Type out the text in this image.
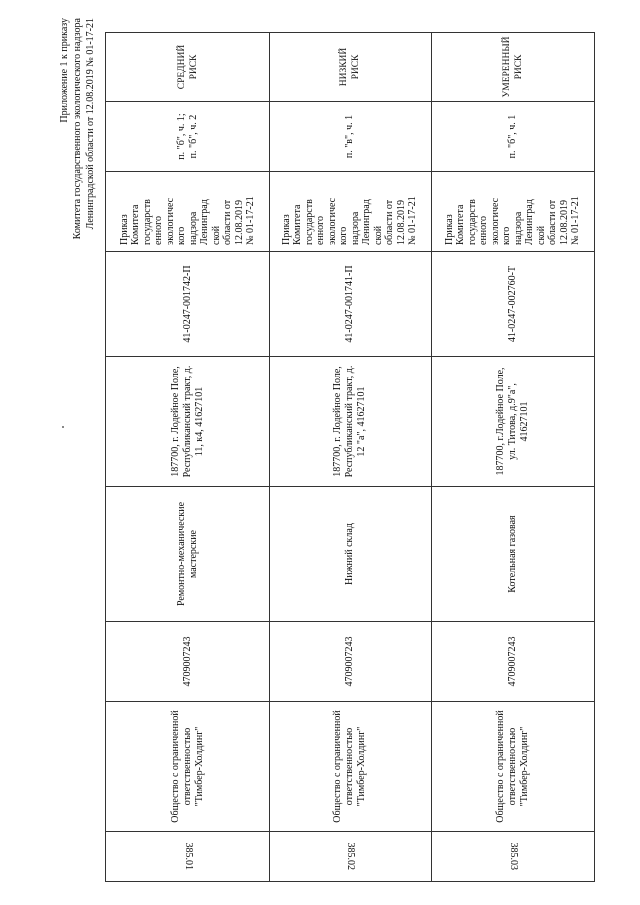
Приложение 1 к приказу Комитета государственного экологического надзора Ленинградской области от 12.08.2019 № 01-17-21
385.01
Общество с ограниченной ответственностью "Тимбер-Холдинг"
4709007243
Ремонтно-механические мастерские
187700, г. Лодейное Поле, Республиканский тракт, д. 11, к4, 41627101
41-0247-001742-П
Приказ
Комитета
государств
енного
экологичес
кого
надзора
Ленинград
ской
области от
12.08.2019
№ 01-17-21
п. "б", ч. 1;
п. "б", ч. 2
СРЕДНИЙ РИСК
385.02
Общество с ограниченной ответственностью "Тимбер-Холдинг"
4709007243
Нижний склад
187700, г. Лодейное Поле, Республиканский тракт, д. 12 "а", 41627101
41-0247-001741-П
Приказ
Комитета
государств
енного
экологичес
кого
надзора
Ленинград
ской
области от
12.08.2019
№ 01-17-21
п. "в", ч. 1
НИЗКИЙ РИСК
385.03
Общество с ограниченной ответственностью "Тимбер-Холдинг"
4709007243
Котельная газовая
187700, г.Лодейное Поле, ул. Титова, д.9"а", 41627101
41-0247-002760-Т
Приказ
Комитета
государств
енного
экологичес
кого
надзора
Ленинград
ской
области от
12.08.2019
№ 01-17-21
п. "б", ч. 1
УМЕРЕННЫЙ РИСК
